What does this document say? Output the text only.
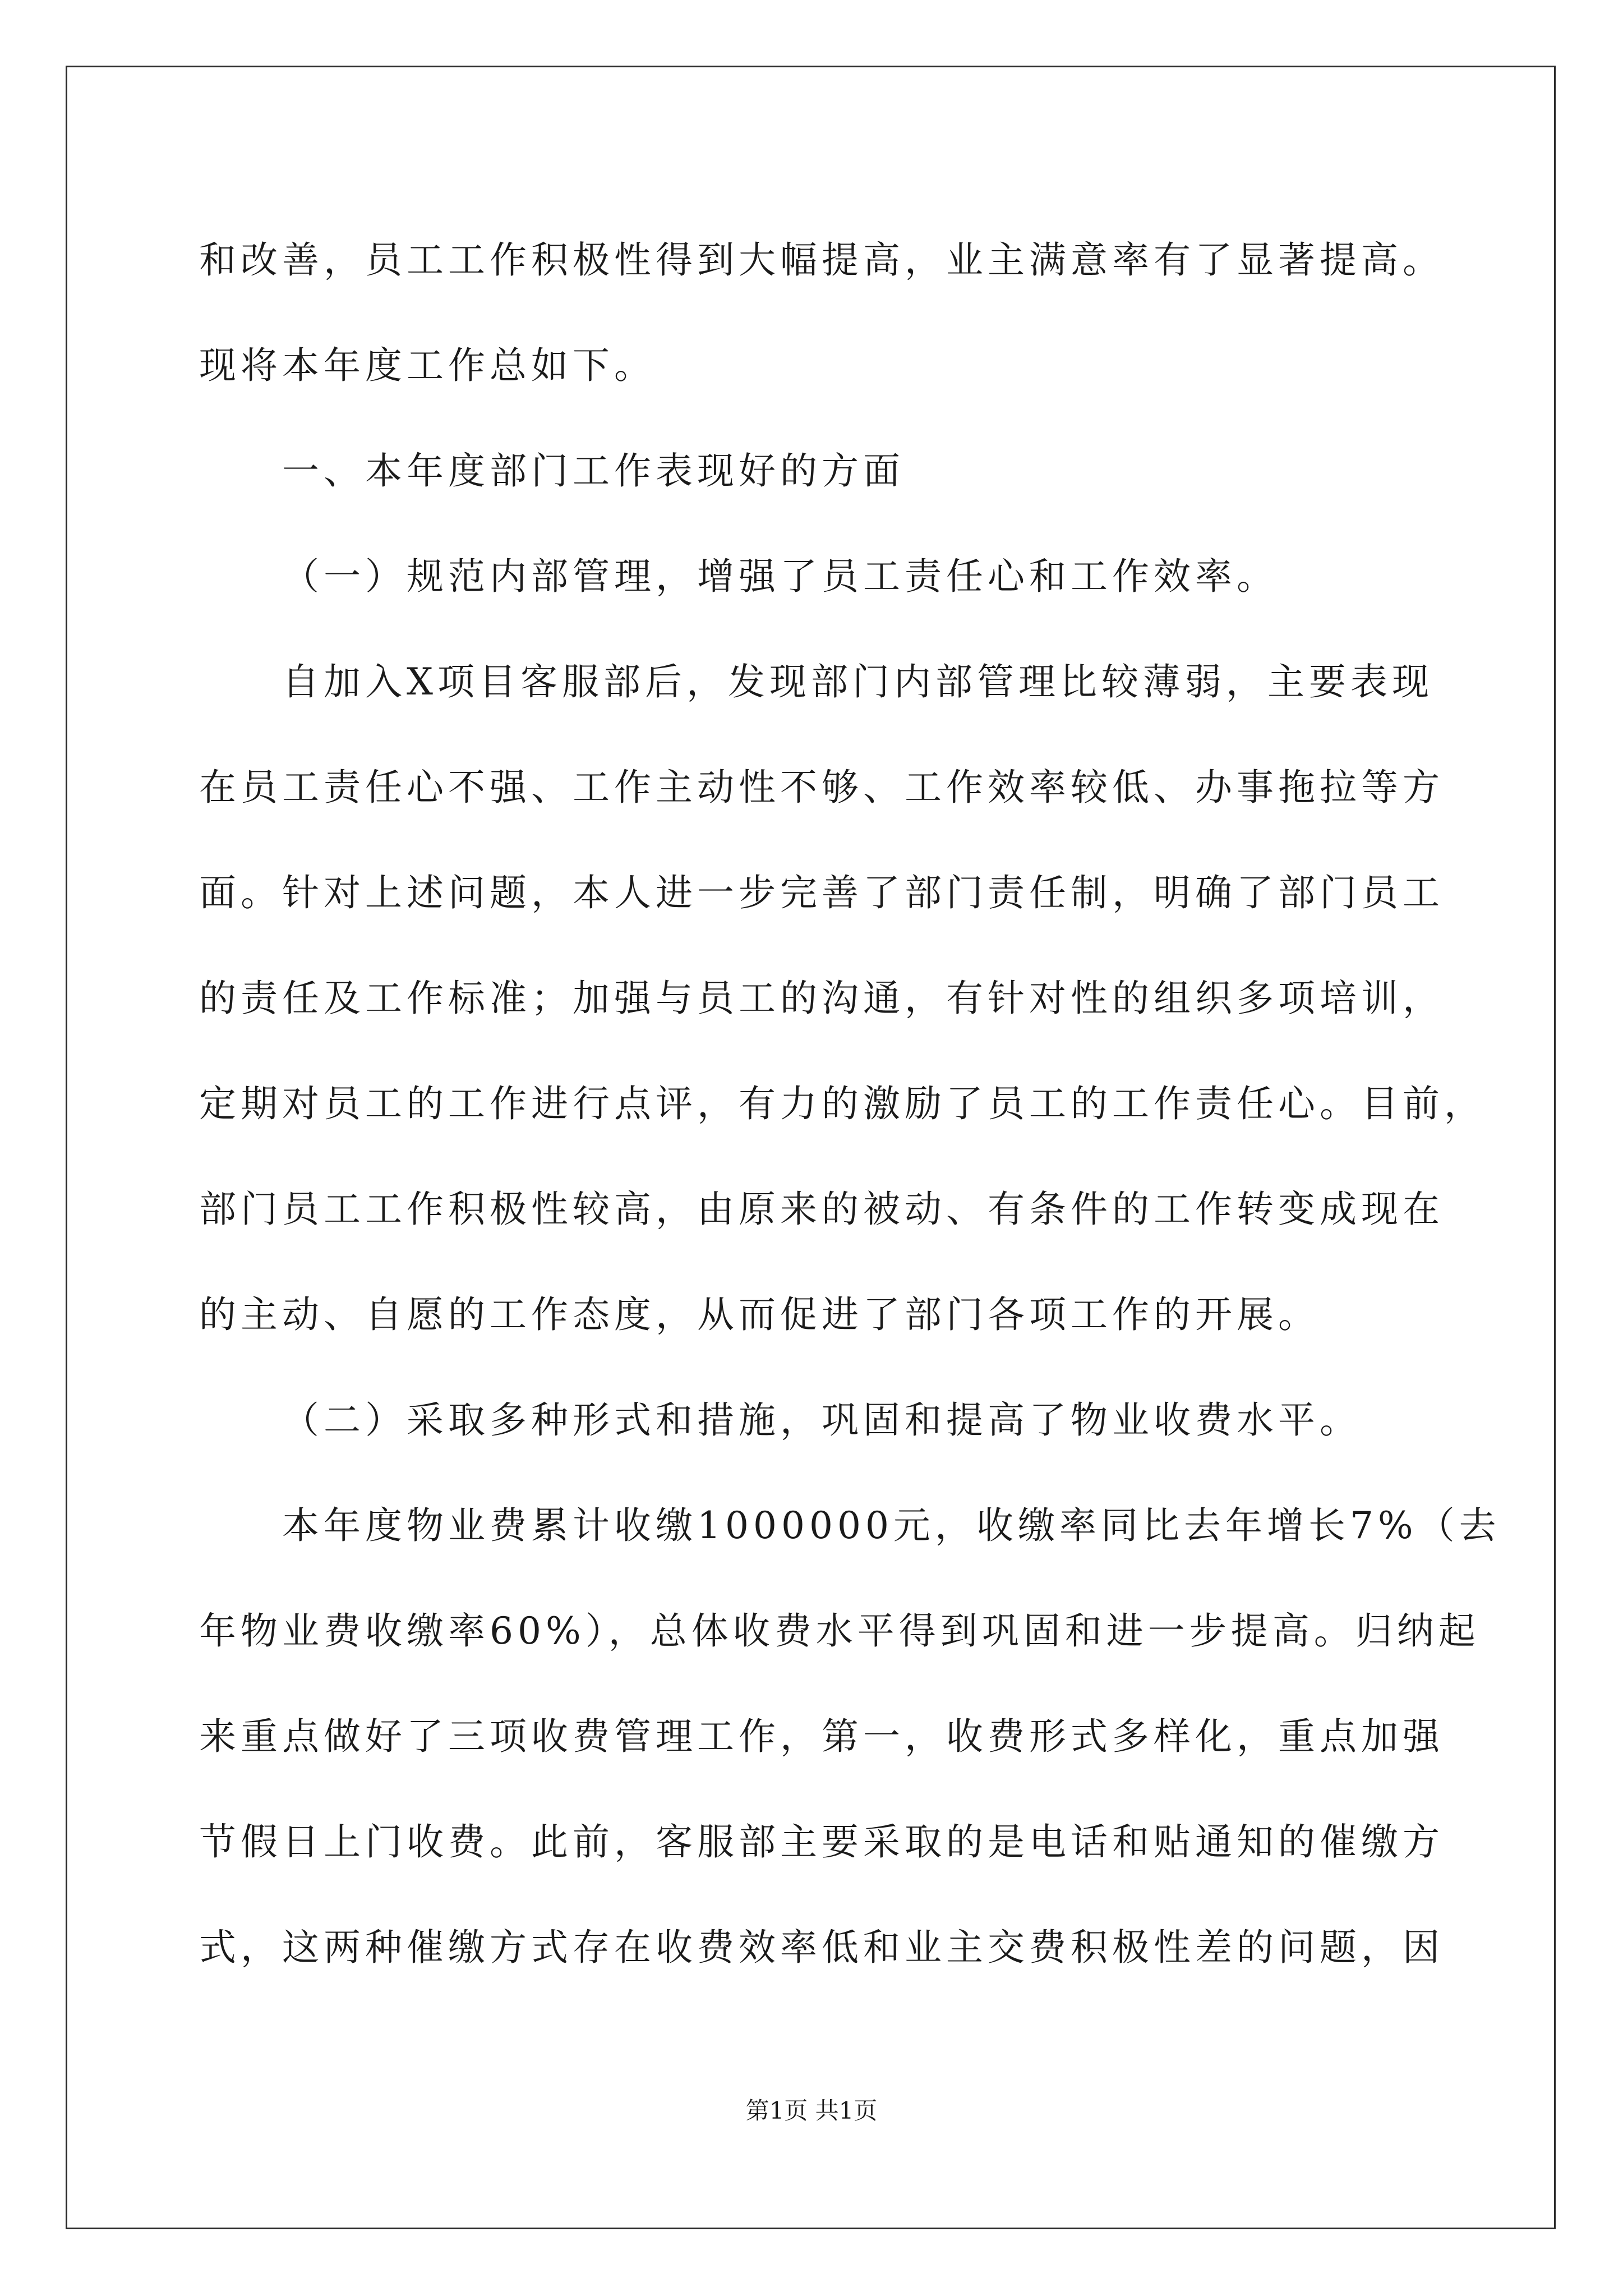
和改善，员工工作积极性得到大幅提高，业主满意率有了显著提高。
现将本年度工作总如下。
一、本年度部门工作表现好的方面
（一）规范内部管理，增强了员工责任心和工作效率。
自加入X项目客服部后，发现部门内部管理比较薄弱，主要表现
在员工责任心不强、工作主动性不够、工作效率较低、办事拖拉等方
面。针对上述问题，本人进一步完善了部门责任制，明确了部门员工
的责任及工作标准；加强与员工的沟通，有针对性的组织多项培训，
定期对员工的工作进行点评，有力的激励了员工的工作责任心。目前，
部门员工工作积极性较高，由原来的被动、有条件的工作转变成现在
的主动、自愿的工作态度，从而促进了部门各项工作的开展。
（二）采取多种形式和措施，巩固和提高了物业收费水平。
本年度物业费累计收缴1000000元，收缴率同比去年增长7%（去
年物业费收缴率60%），总体收费水平得到巩固和进一步提高。归纳起
来重点做好了三项收费管理工作，第一，收费形式多样化，重点加强
节假日上门收费。此前，客服部主要采取的是电话和贴通知的催缴方
式，这两种催缴方式存在收费效率低和业主交费积极性差的问题，因
第1页 共1页
